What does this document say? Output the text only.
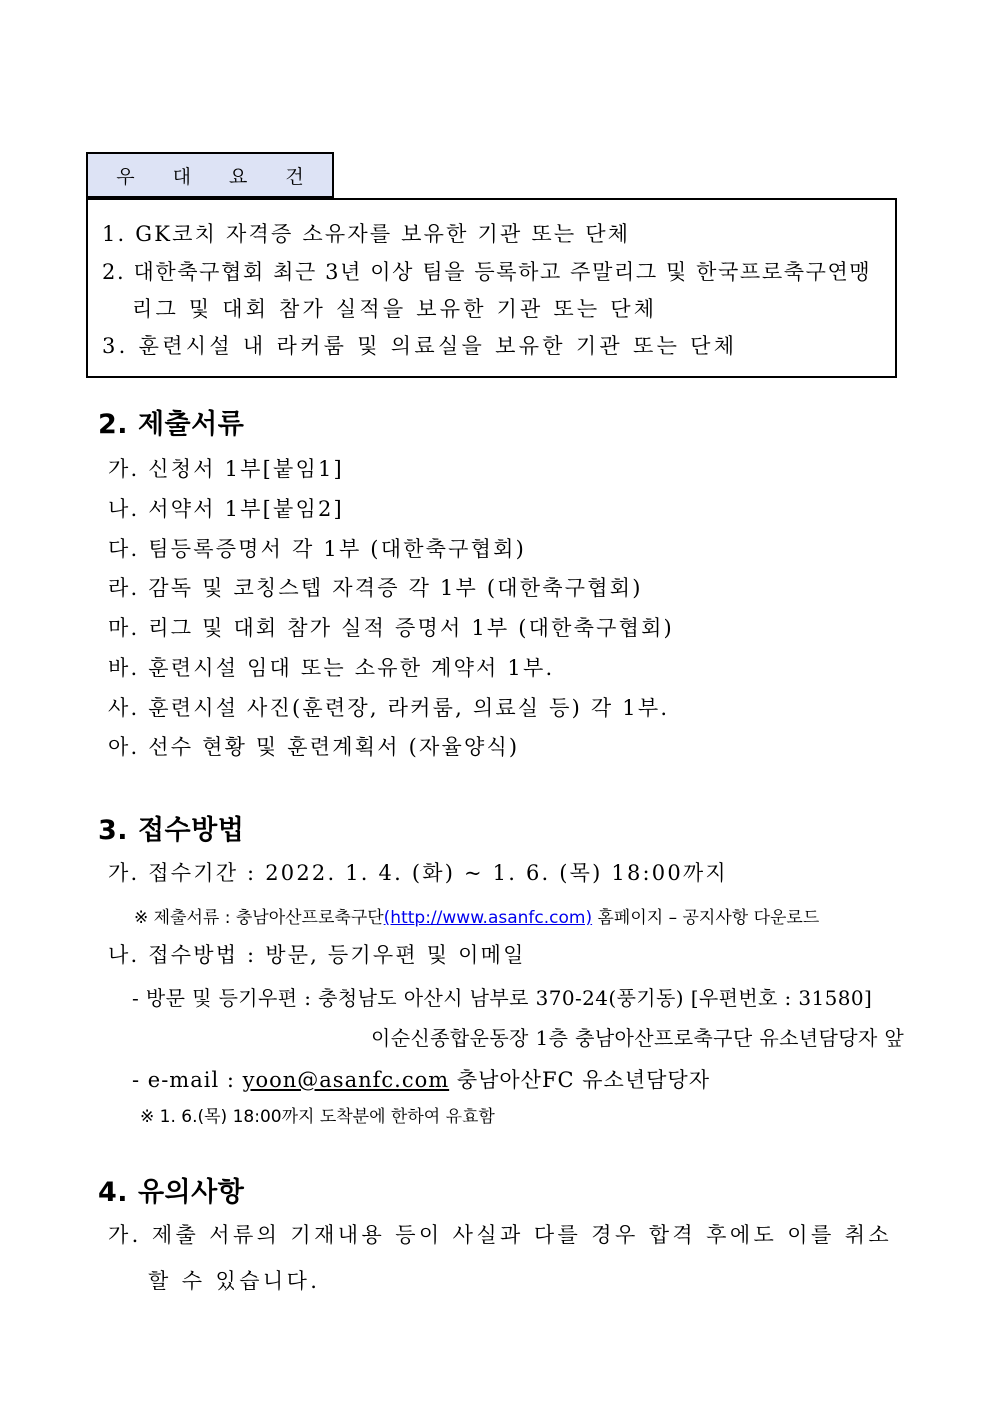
우 대 요 건
1. GK코치 자격증 소유자를 보유한 기관 또는 단체
2. 대한축구협회 최근 3년 이상 팀을 등록하고 주말리그 및 한국프로축구연맹
리그 및 대회 참가 실적을 보유한 기관 또는 단체
3. 훈련시설 내 라커룸 및 의료실을 보유한 기관 또는 단체
2. 제출서류
가. 신청서 1부[붙임1]
나. 서약서 1부[붙임2]
다. 팀등록증명서 각 1부 (대한축구협회)
라. 감독 및 코칭스텝 자격증 각 1부 (대한축구협회)
마. 리그 및 대회 참가 실적 증명서 1부 (대한축구협회)
바. 훈련시설 임대 또는 소유한 계약서 1부.
사. 훈련시설 사진(훈련장, 라커룸, 의료실 등) 각 1부.
아. 선수 현황 및 훈련계획서 (자율양식)
3. 접수방법
가. 접수기간 : 2022. 1. 4. (화) ~ 1. 6. (목) 18:00까지
※ 제출서류 : 충남아산프로축구단(http://www.asanfc.com) 홈페이지 – 공지사항 다운로드
나. 접수방법 : 방문, 등기우편 및 이메일
- 방문 및 등기우편 : 충청남도 아산시 남부로 370-24(풍기동) [우편번호 : 31580]
이순신종합운동장 1층 충남아산프로축구단 유소년담당자 앞
- e-mail : yoon@asanfc.com 충남아산FC 유소년담당자
※ 1. 6.(목) 18:00까지 도착분에 한하여 유효함
4. 유의사항
가. 제출 서류의 기재내용 등이 사실과 다를 경우 합격 후에도 이를 취소
할 수 있습니다.
